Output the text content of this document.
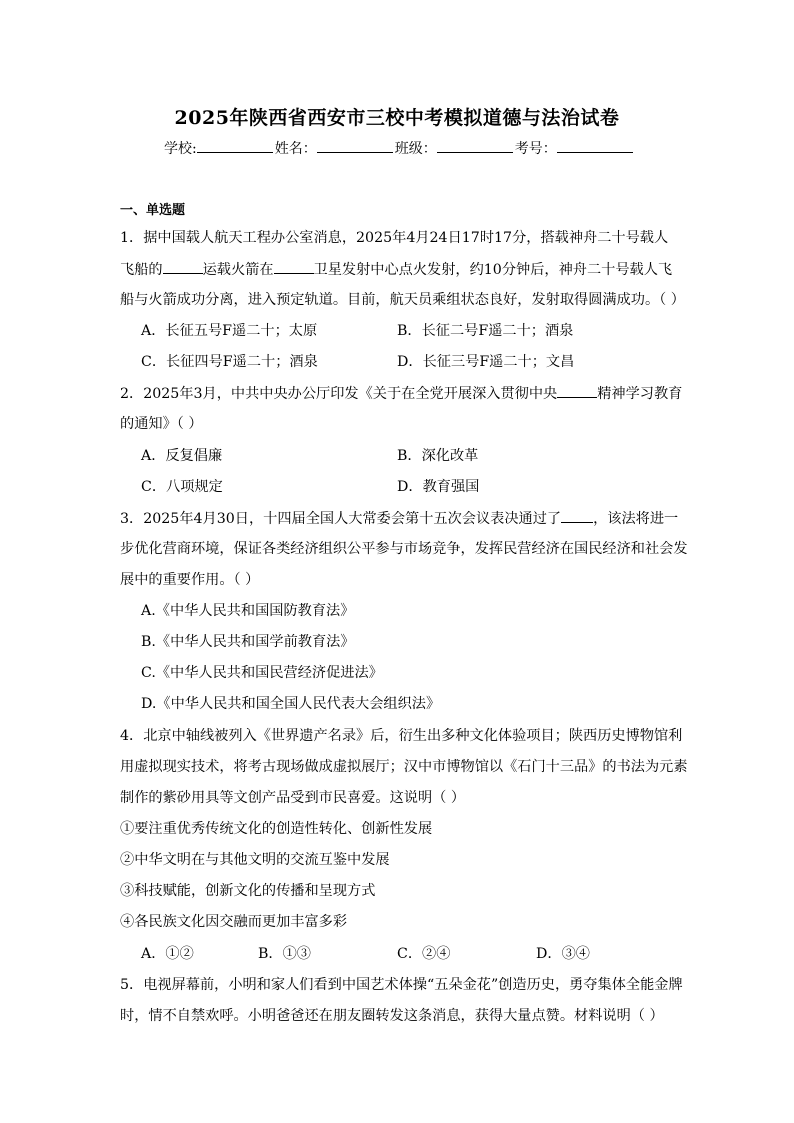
2025年陕西省西安市三校中考模拟道德与法治试卷
学校:	姓名：	班级：	考号：
一、单选题
1．据中国载人航天工程办公室消息，2025年4月24日17时17分，搭载神舟二十号载人
飞船的	运载火箭在	卫星发射中心点火发射，约10分钟后，神舟二十号载人飞
船与火箭成功分离，进入预定轨道。目前，航天员乘组状态良好，发射取得圆满成功。（ ）
A．长征五号F遥二十；太原	B．长征二号F遥二十；酒泉
C．长征四号F遥二十；酒泉	D．长征三号F遥二十；文昌
2．2025年3月，中共中央办公厅印发《关于在全党开展深入贯彻中央	精神学习教育
的通知》（ ）
A．反复倡廉	B．深化改革
C．八项规定	D．教育强国
3．2025年4月30日，十四届全国人大常委会第十五次会议表决通过了 ，该法将进一
步优化营商环境，保证各类经济组织公平参与市场竞争，发挥民营经济在国民经济和社会发
展中的重要作用。（ ）
A.《中华人民共和国国防教育法》
B.《中华人民共和国学前教育法》
C.《中华人民共和国民营经济促进法》
D.《中华人民共和国全国人民代表大会组织法》
4．北京中轴线被列入《世界遗产名录》后，衍生出多种文化体验项目；陕西历史博物馆利
用虚拟现实技术，将考古现场做成虚拟展厅；汉中市博物馆以《石门十三品》的书法为元素
制作的紫砂用具等文创产品受到市民喜爱。这说明（ ）
①要注重优秀传统文化的创造性转化、创新性发展
②中华文明在与其他文明的交流互鉴中发展
③科技赋能，创新文化的传播和呈现方式
④各民族文化因交融而更加丰富多彩
A．①②	B．①③	C．②④	D．③④
5．电视屏幕前，小明和家人们看到中国艺术体操“五朵金花”创造历史，勇夺集体全能金牌
时，情不自禁欢呼。小明爸爸还在朋友圈转发这条消息，获得大量点赞。材料说明（ ）
